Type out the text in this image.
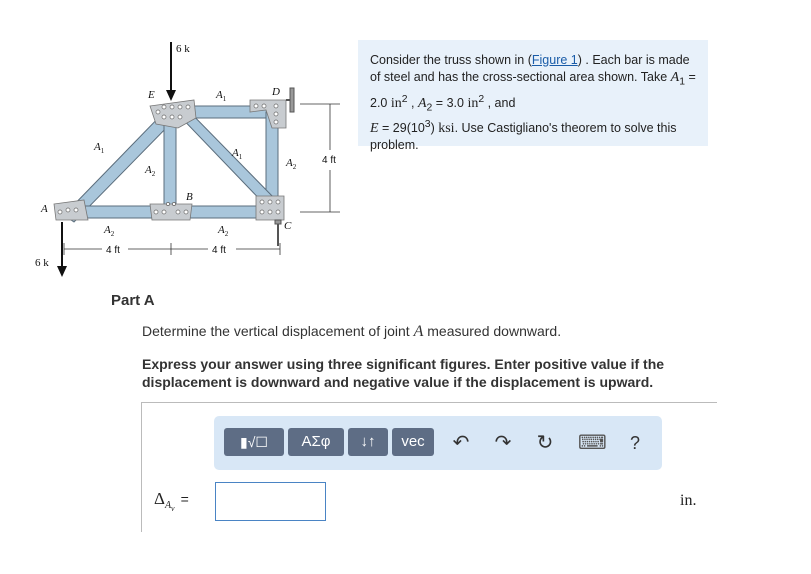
6 k
6 k
E	D
A
B
C
$A_1$
$A_1$	$A_1$
$A_2$
$A_2$
$A_2$	$A_2$
4 ft	4 ft
4 ft
Consider the truss shown in (Figure 1) . Each bar is made of steel and has the cross-sectional area shown. Take $A_1 = 2.0$ $in^2$ , $A_2 = 3.0$ $in^2$ , and
$E = 29(10^3)$ ksi. Use Castigliano's theorem to solve this problem.
Part A
Determine the vertical displacement of joint A measured downward.
Express your answer using three significant figures. Enter positive value if the displacement is downward and negative value if the displacement is upward.
▮√☐	ΑΣφ	↓↑	vec	↶ ↷ ↻ ⌨	?
$\Delta_{A_v}=$	in.
